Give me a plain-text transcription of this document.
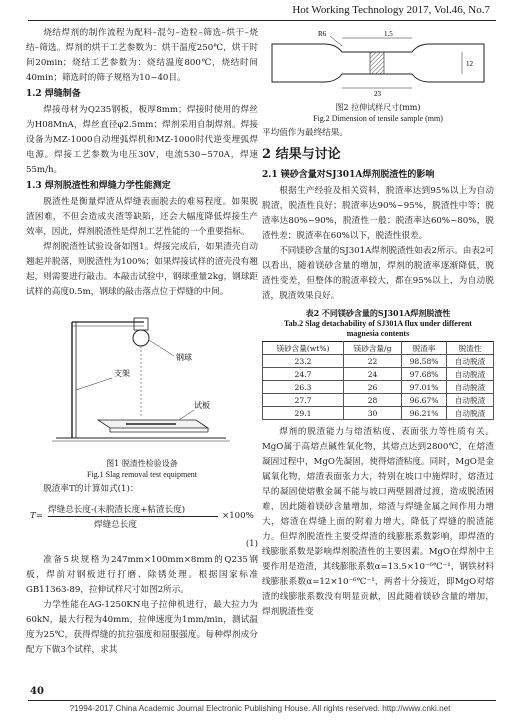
Hot Working Technology 2017, Vol.46, No.7

烧结焊剂的制作流程为配料–混匀–造粒–筛选–烘干–烧结–筛选。焊剂的烘干工艺参数为：烘干温度250℃，烘干时间20min；烧结工艺参数为：烧结温度800℃，烧结时间40min；筛选时的筛子规格为10~40目。

1.2 焊缝制备

焊接母材为Q235钢板，板厚8mm；焊接时使用的焊丝为H08MnA，焊丝直径φ2.5mm；焊剂采用自制焊剂。焊接设备为MZ-1000自动埋弧焊机和MZ-1000时代逆变埋弧焊电源。焊接工艺参数为电压30V，电流530~570A，焊速55m/h。

1.3 焊剂脱渣性和焊缝力学性能测定

脱渣性是衡量焊渣从焊缝表面脱去的难易程度。如果脱渣困难，不但会造成夹渣等缺陷，还会大幅度降低焊接生产效率，因此，焊剂脱渣性是焊剂工艺性能的一个重要指标。

焊剂脱渣性试验设备如图1。焊接完成后，如果渣壳自动翘起并脱落，则脱渣性为100%；如果焊接试样的渣壳没有翘起，则需要进行敲击。本敲击试验中，钢球重量2kg，钢球距试样的高度0.5m，钢球的敲击落点位于焊缝的中间。

钢球
支架
试板
图1 脱渣性检验设备
Fig.1 Slag removal test equipment

脱渣率T的计算如式(1)：

T=
焊缝总长度-(未脱渣长度+粘渣长度)
焊缝总长度
×100%
(1)

准备5块规格为247mm×100mm×8mm的Q235钢板，焊前对钢板进行打磨、除锈处理。根据国家标准GB11363-89，拉伸试样尺寸如图2所示。

力学性能在AG-1250KN电子拉伸机进行，最大拉力为60kN，最大行程为40mm，拉伸速度为1mm/min，测试温度为25℃，获得焊缝的抗拉强度和屈服强度。每种焊剂成分配方下做3个试样，求其

R6	1.5
23
12
图2 拉伸试样尺寸(mm)
Fig.2 Dimension of tensile sample (mm)

平均值作为最终结果。

2 结果与讨论
2.1 镁砂含量对SJ301A焊剂脱渣性的影响

根据生产经验及相关资料，脱渣率达到95%以上为自动脱渣，脱渣性良好；脱渣率达90%~95%，脱渣性中等；脱渣率达80%~90%，脱渣性一般；脱渣率达60%~80%，脱渣性差；脱渣率在60%以下，脱渣性很差。

不同镁砂含量的SJ301A焊剂脱渣性如表2所示。由表2可以看出，随着镁砂含量的增加，焊剂的脱渣率逐渐降低，脱渣性变差，但整体的脱渣率较大，都在95%以上，为自动脱渣，脱渣效果良好。

表2 不同镁砂含量的SJ301A焊剂脱渣性
Tab.2 Slag detachability of SJ301A flux under different
magnesia contents
镁砂含量(wt%)	镁砂含量/g	脱渣率	脱渣性
23.2	22	98.58%	自动脱渣
24.7	24	97.68%	自动脱渣
26.3	26	97.01%	自动脱渣
27.7	28	96.67%	自动脱渣
29.1	30	96.21%	自动脱渣

焊剂的脱渣能力与熔渣粘度、表面张力等性质有关。MgO属于高熔点碱性氧化物，其熔点达到2800℃，在熔渣凝固过程中，MgO先凝固，使得熔渣粘度。同时，MgO是金属氧化物，熔渣表面张力大，特别在坡口中施焊时，熔渣过早的凝固使熔敷金属不能与坡口两壁圆滑过渡，造成脱渣困难，因此随着镁砂含量增加，熔渣与焊缝金属之间作用力增大，熔渣在焊缝上面的附着力增大，降低了焊缝的脱渣能力。但焊剂脱渣性主要受焊渣的线膨胀系数影响，即焊渣的线膨胀系数是影响焊剂脱渣性的主要因素。MgO在焊剂中主要作用是造渣，其线膨胀系数α=13.5×10⁻⁶℃⁻¹，钢铁材料线膨胀系数α=12×10⁻⁶℃⁻¹，两者十分接近，即MgO对熔渣的线膨胀系数没有明显贡献，因此随着镁砂含量的增加，焊剂脱渣性变

40
?1994-2017 China Academic Journal Electronic Publishing House. All rights reserved. http://www.cnki.net
